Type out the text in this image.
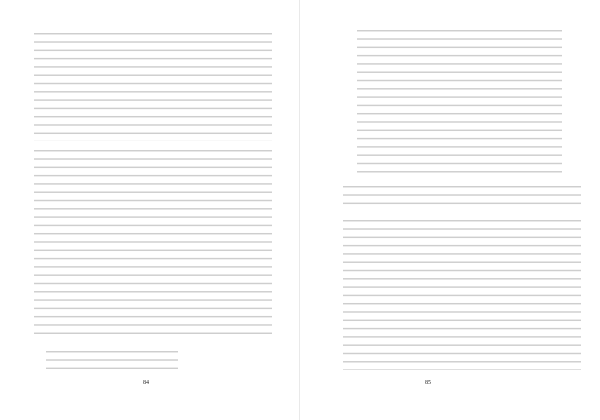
84	85
